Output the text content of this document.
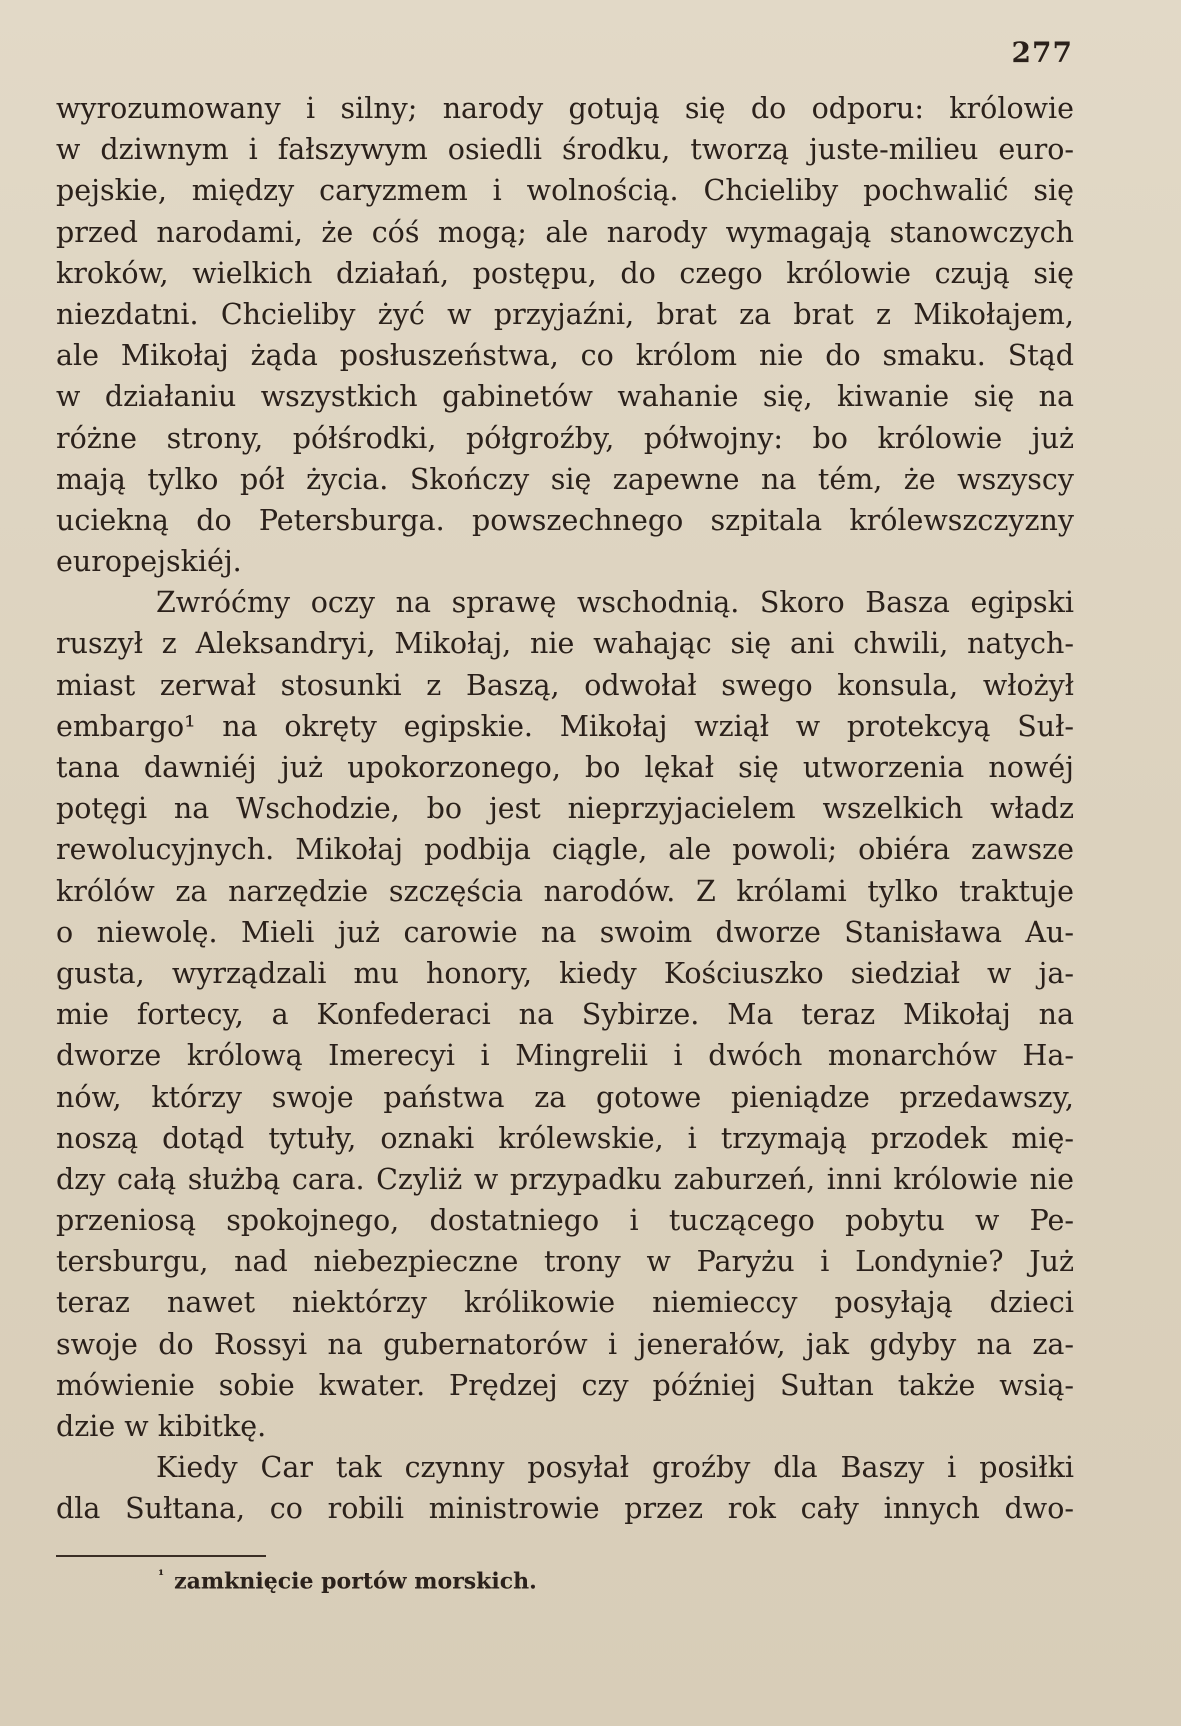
277
wyrozumowany i silny; narody gotują się do odporu: królowie
w dziwnym i fałszywym osiedli środku, tworzą juste-milieu euro-
pejskie, między caryzmem i wolnością. Chcieliby pochwalić się
przed narodami, że cóś mogą; ale narody wymagają stanowczych
kroków, wielkich działań, postępu, do czego królowie czują się
niezdatni. Chcieliby żyć w przyjaźni, brat za brat z Mikołajem,
ale Mikołaj żąda posłuszeństwa, co królom nie do smaku. Stąd
w działaniu wszystkich gabinetów wahanie się, kiwanie się na
różne strony, półśrodki, półgroźby, półwojny: bo królowie już
mają tylko pół życia. Skończy się zapewne na tém, że wszyscy
uciekną do Petersburga. powszechnego szpitala królewszczyzny
europejskiéj.
Zwróćmy oczy na sprawę wschodnią. Skoro Basza egipski
ruszył z Aleksandryi, Mikołaj, nie wahając się ani chwili, natych-
miast zerwał stosunki z Baszą, odwołał swego konsula, włożył
embargo¹ na okręty egipskie. Mikołaj wziął w protekcyą Suł-
tana dawniéj już upokorzonego, bo lękał się utworzenia nowéj
potęgi na Wschodzie, bo jest nieprzyjacielem wszelkich władz
rewolucyjnych. Mikołaj podbija ciągle, ale powoli; obiéra zawsze
królów za narzędzie szczęścia narodów. Z królami tylko traktuje
o niewolę. Mieli już carowie na swoim dworze Stanisława Au-
gusta, wyrządzali mu honory, kiedy Kościuszko siedział w ja-
mie fortecy, a Konfederaci na Sybirze. Ma teraz Mikołaj na
dworze królową Imerecyi i Mingrelii i dwóch monarchów Ha-
nów, którzy swoje państwa za gotowe pieniądze przedawszy,
noszą dotąd tytuły, oznaki królewskie, i trzymają przodek mię-
dzy całą służbą cara. Czyliż w przypadku zaburzeń, inni królowie nie
przeniosą spokojnego, dostatniego i tuczącego pobytu w Pe-
tersburgu, nad niebezpieczne trony w Paryżu i Londynie? Już
teraz nawet niektórzy królikowie niemieccy posyłają dzieci
swoje do Rossyi na gubernatorów i jenerałów, jak gdyby na za-
mówienie sobie kwater. Prędzej czy później Sułtan także wsią-
dzie w kibitkę.
Kiedy Car tak czynny posyłał groźby dla Baszy i posiłki
dla Sułtana, co robili ministrowie przez rok cały innych dwo-
$^{^1}$ zamknięcie portów morskich.
